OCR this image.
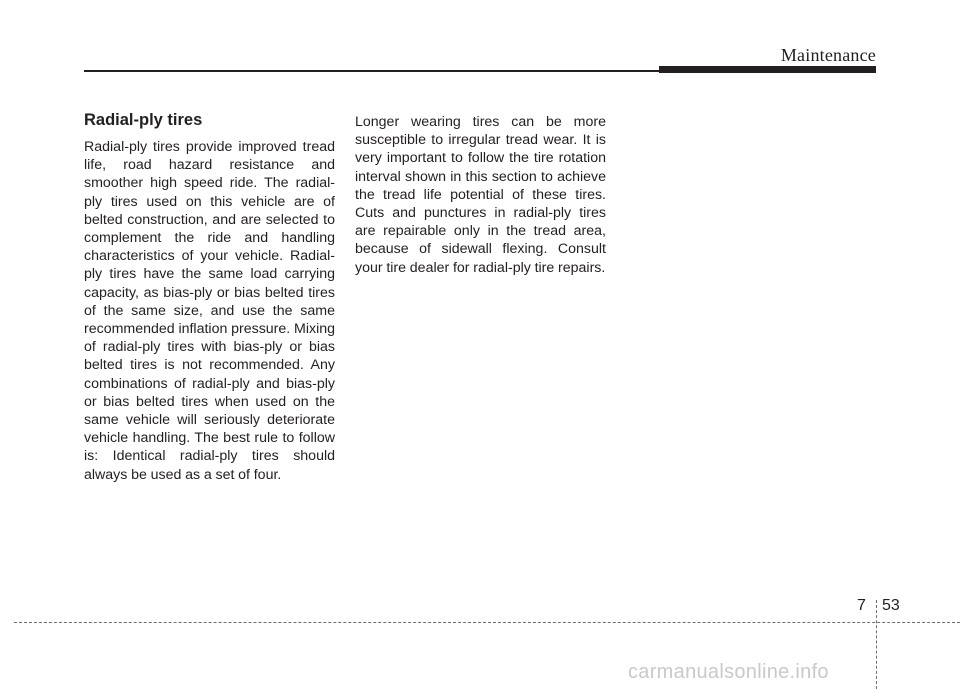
Maintenance
Radial-ply tires

Radial-ply tires provide improved tread life, road hazard resistance and smoother high speed ride. The radial-ply tires used on this vehicle are of belted construction, and are selected to complement the ride and handling characteristics of your vehicle. Radial-ply tires have the same load carrying capacity, as bias-ply or bias belted tires of the same size, and use the same recommended inflation pressure. Mixing of radial-ply tires with bias-ply or bias belted tires is not recommended. Any combinations of radial-ply and bias-ply or bias belted tires when used on the same vehicle will seriously deteriorate vehicle handling. The best rule to follow is: Identical radial-ply tires should always be used as a set of four.

Longer wearing tires can be more susceptible to irregular tread wear. It is very important to follow the tire rotation interval shown in this section to achieve the tread life potential of these tires. Cuts and punctures in radial-ply tires are repairable only in the tread area, because of sidewall flexing. Consult your tire dealer for radial-ply tire repairs.

7 53
carmanualsonline.info
